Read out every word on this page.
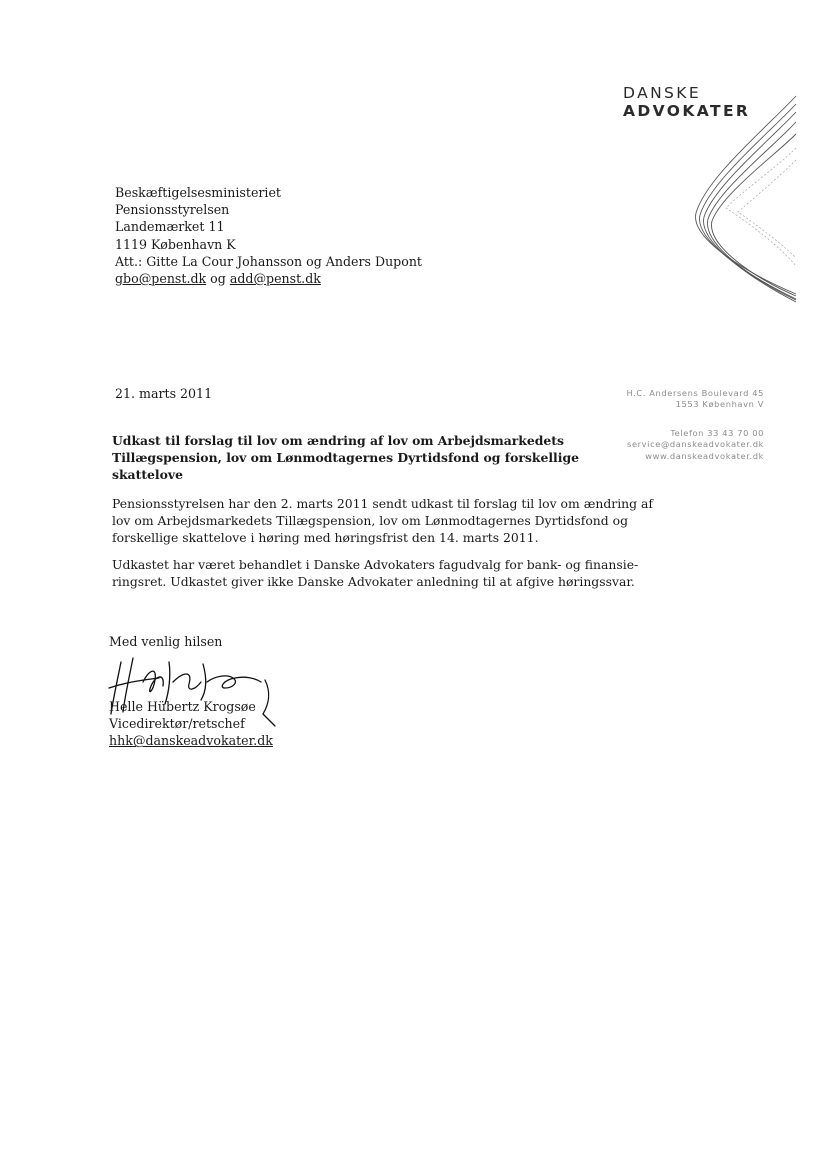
DANSKE
ADVOKATER
Beskæftigelsesministeriet
Pensionsstyrelsen
Landemærket 11
1119 København K
Att.: Gitte La Cour Johansson og Anders Dupont
gbo@penst.dk og add@penst.dk
21. marts 2011	H.C. Andersens Boulevard 45
1553 København V
Telefon 33 43 70 00
service@danskeadvokater.dk
www.danskeadvokater.dk
Udkast til forslag til lov om ændring af lov om Arbejdsmarkedets Tillægspension, lov om Lønmodtagernes Dyrtidsfond og forskellige skattelove
Pensionsstyrelsen har den 2. marts 2011 sendt udkast til forslag til lov om ændring af
lov om Arbejdsmarkedets Tillægspension, lov om Lønmodtagernes Dyrtidsfond og
forskellige skattelove i høring med høringsfrist den 14. marts 2011.
Udkastet har været behandlet i Danske Advokaters fagudvalg for bank- og finansie-
ringsret. Udkastet giver ikke Danske Advokater anledning til at afgive høringssvar.
Med venlig hilsen
Helle Hübertz Krogsøe
Vicedirektør/retschef
hhk@danskeadvokater.dk
